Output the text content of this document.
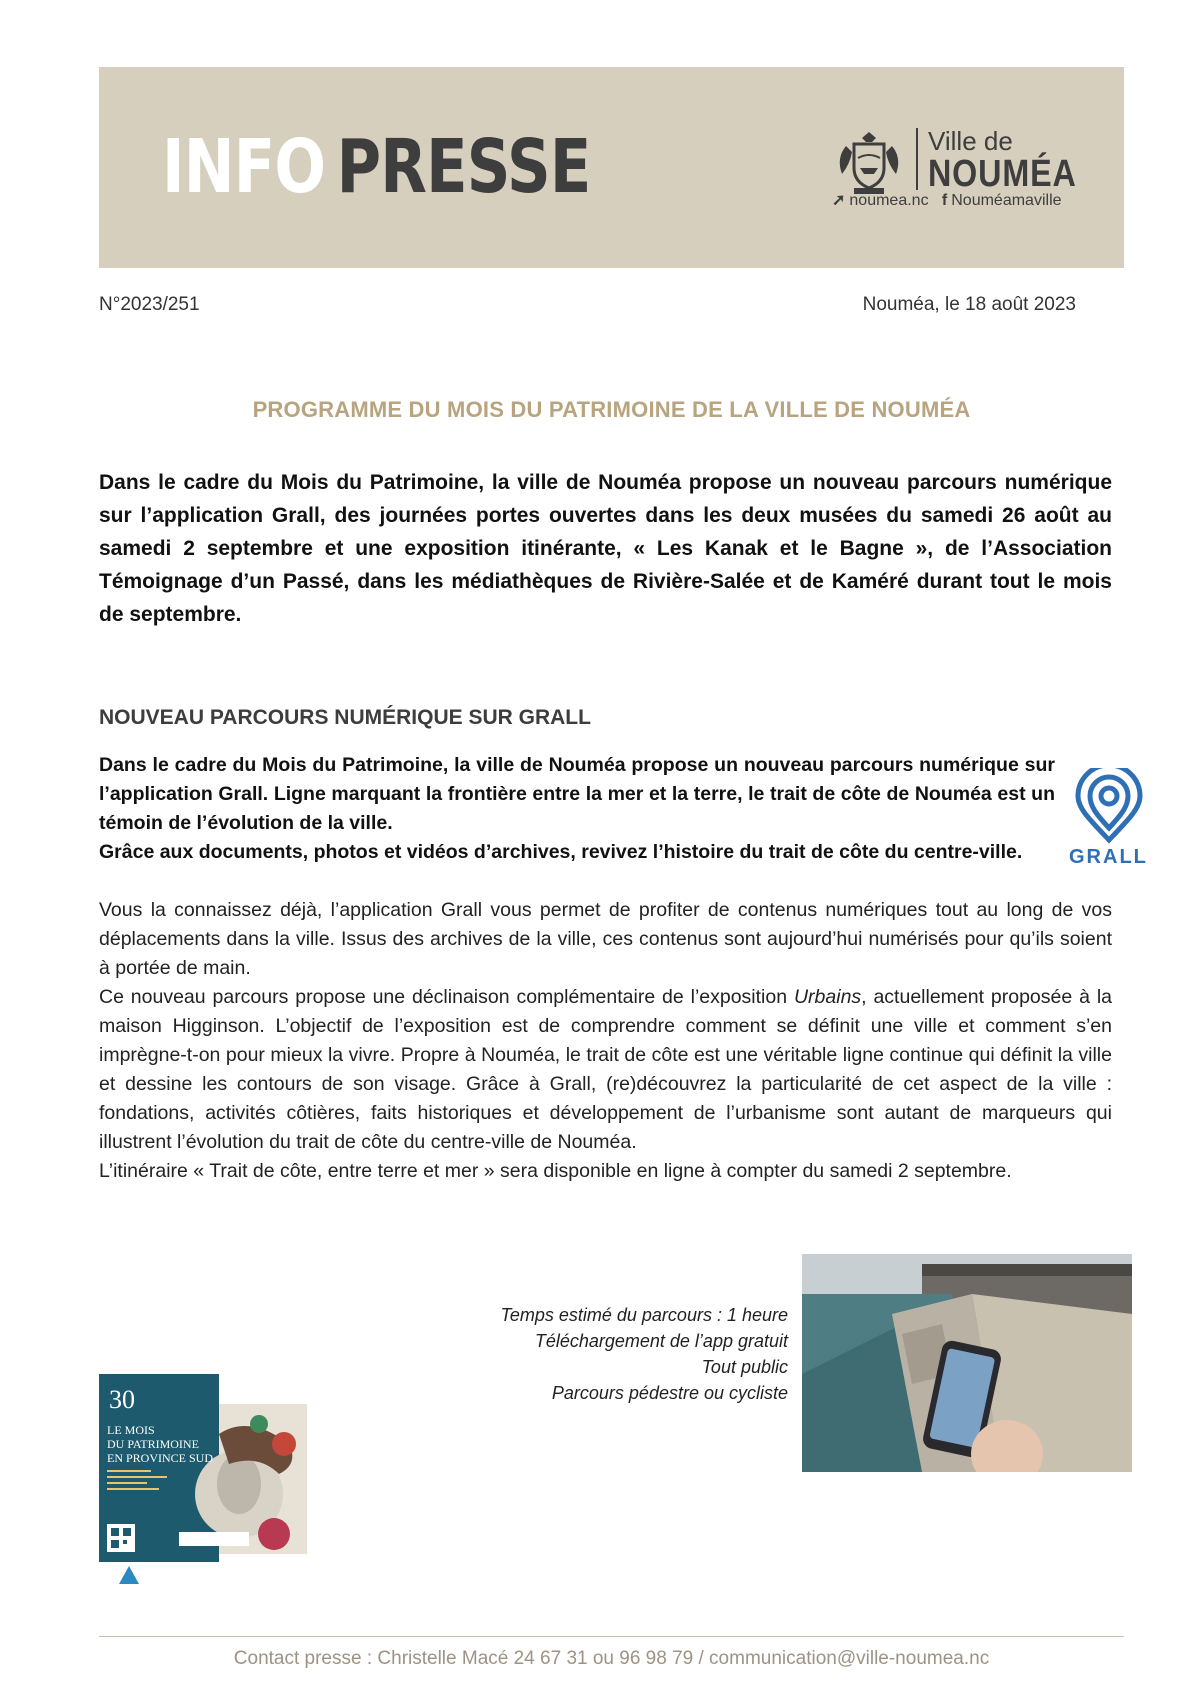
INFO PRESSE	Ville de
NOUMÉA
➚ noumea.nc f Nouméamaville
N°2023/251	Nouméa, le 18 août 2023
PROGRAMME DU MOIS DU PATRIMOINE DE LA VILLE DE NOUMÉA
Dans le cadre du Mois du Patrimoine, la ville de Nouméa propose un nouveau parcours numérique sur l’application Grall, des journées portes ouvertes dans les deux musées du samedi 26 août au samedi 2 septembre et une exposition itinérante, « Les Kanak et le Bagne », de l’Association Témoignage d’un Passé, dans les médiathèques de Rivière-Salée et de Kaméré durant tout le mois de septembre.
NOUVEAU PARCOURS NUMÉRIQUE SUR GRALL

Dans le cadre du Mois du Patrimoine, la ville de Nouméa propose un nouveau parcours numérique sur l’application Grall. Ligne marquant la frontière entre la mer et la terre, le trait de côte de Nouméa est un témoin de l’évolution de la ville.

Grâce aux documents, photos et vidéos d’archives, revivez l’histoire du trait de côte du centre-ville.	GRALL

Vous la connaissez déjà, l’application Grall vous permet de profiter de contenus numériques tout au long de vos déplacements dans la ville. Issus des archives de la ville, ces contenus sont aujourd’hui numérisés pour qu’ils soient à portée de main.

Ce nouveau parcours propose une déclinaison complémentaire de l’exposition Urbains, actuellement proposée à la maison Higginson. L’objectif de l’exposition est de comprendre comment se définit une ville et comment s’en imprègne-t-on pour mieux la vivre. Propre à Nouméa, le trait de côte est une véritable ligne continue qui définit la ville et dessine les contours de son visage. Grâce à Grall, (re)découvrez la particularité de cet aspect de la ville : fondations, activités côtières, faits historiques et développement de l’urbanisme sont autant de marqueurs qui illustrent l’évolution du trait de côte du centre-ville de Nouméa.

L’itinéraire « Trait de côte, entre terre et mer » sera disponible en ligne à compter du samedi 2 septembre.

Temps estimé du parcours : 1 heure
Téléchargement de l’app gratuit
Tout public
Parcours pédestre ou cycliste
30
LE MOIS
DU PATRIMOINE
EN PROVINCE SUD
Contact presse : Christelle Macé 24 67 31 ou 96 98 79 / communication@ville-noumea.nc
